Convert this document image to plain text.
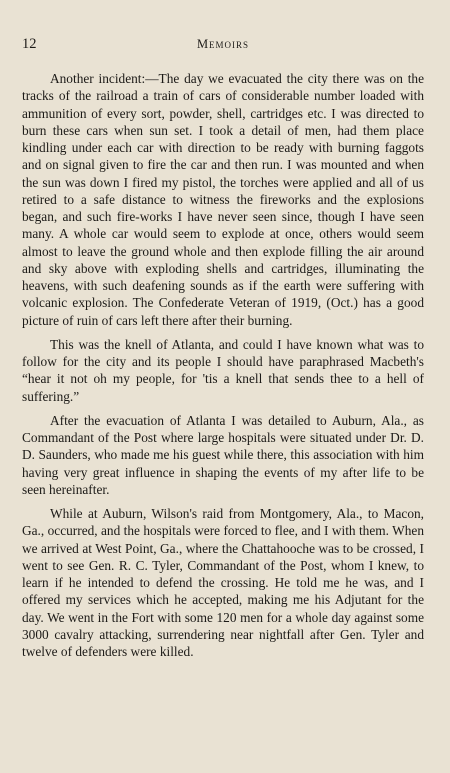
12	Memoirs

Another incident:—The day we evacuated the city there was on the tracks of the railroad a train of cars of considerable number loaded with ammunition of every sort, powder, shell, cartridges etc. I was directed to burn these cars when sun set. I took a detail of men, had them place kindling under each car with direction to be ready with burning faggots and on signal given to fire the car and then run. I was mounted and when the sun was down I fired my pistol, the torches were applied and all of us retired to a safe distance to witness the fireworks and the explosions began, and such fire-works I have never seen since, though I have seen many. A whole car would seem to explode at once, others would seem almost to leave the ground whole and then explode filling the air around and sky above with exploding shells and cartridges, illuminating the heavens, with such deafening sounds as if the earth were suffering with volcanic explosion. The Confederate Veteran of 1919, (Oct.) has a good picture of ruin of cars left there after their burning.

This was the knell of Atlanta, and could I have known what was to follow for the city and its people I should have paraphrased Macbeth's “hear it not oh my people, for 'tis a knell that sends thee to a hell of suffering.”

After the evacuation of Atlanta I was detailed to Auburn, Ala., as Commandant of the Post where large hospitals were situated under Dr. D. D. Saunders, who made me his guest while there, this association with him having very great influence in shaping the events of my after life to be seen hereinafter.

While at Auburn, Wilson's raid from Montgomery, Ala., to Macon, Ga., occurred, and the hospitals were forced to flee, and I with them. When we arrived at West Point, Ga., where the Chattahooche was to be crossed, I went to see Gen. R. C. Tyler, Commandant of the Post, whom I knew, to learn if he intended to defend the crossing. He told me he was, and I offered my services which he accepted, making me his Adjutant for the day. We went in the Fort with some 120 men for a whole day against some 3000 cavalry attacking, surrendering near nightfall after Gen. Tyler and twelve of defenders were killed.
